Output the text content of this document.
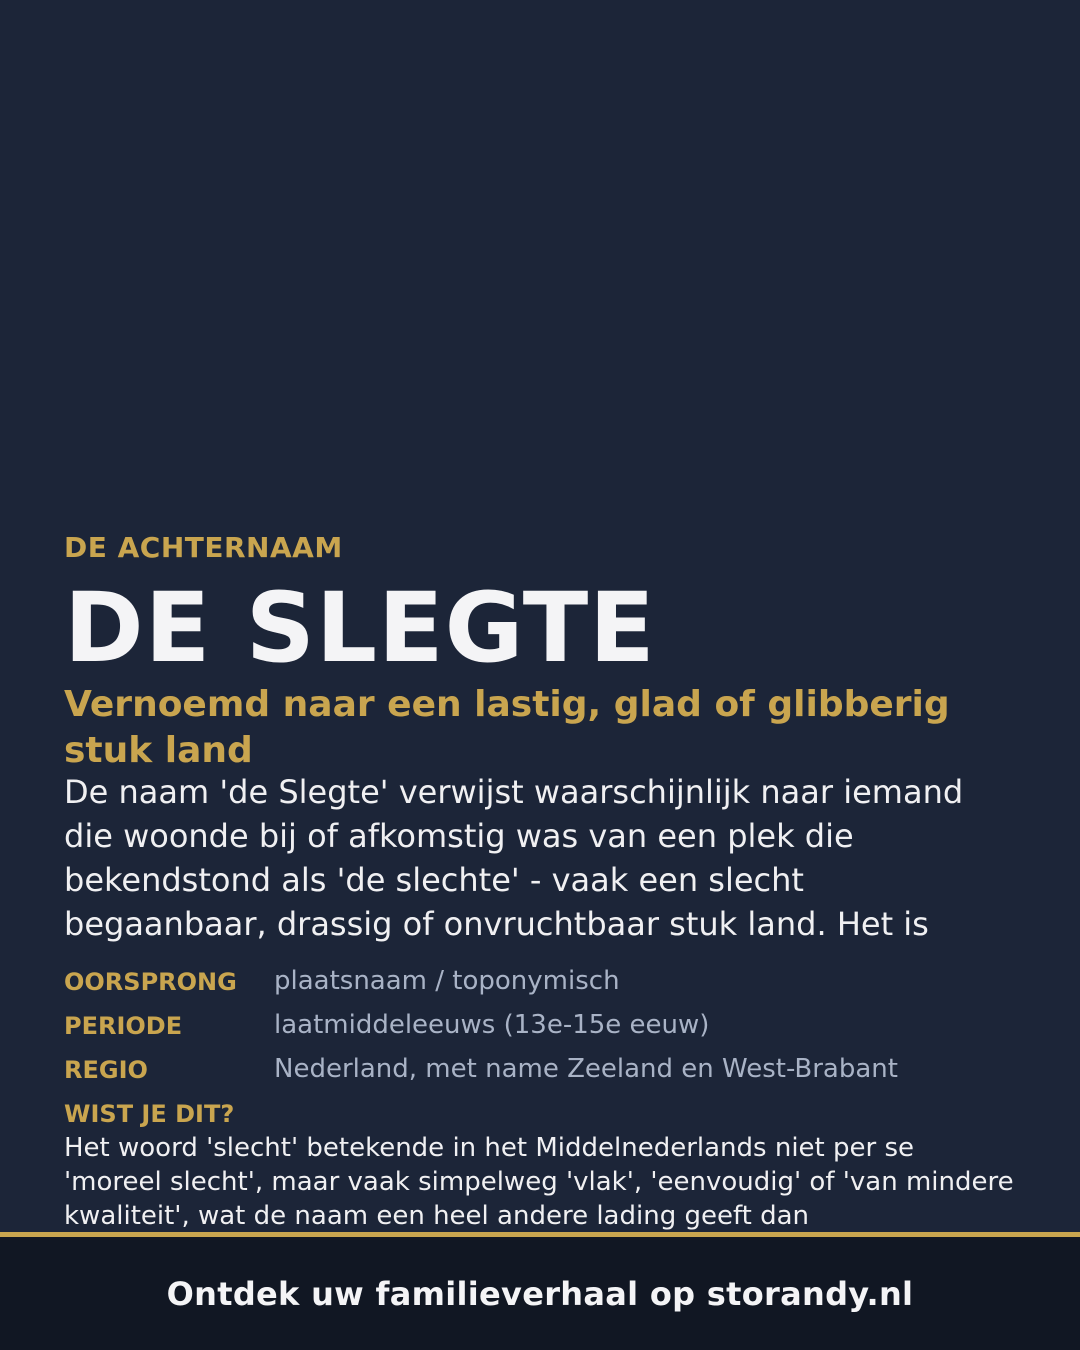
DE ACHTERNAAM
DE SLEGTE
Vernoemd naar een lastig, glad of glibberig stuk land

De naam 'de Slegte' verwijst waarschijnlijk naar iemand die woonde bij of afkomstig was van een plek die bekendstond als 'de slechte' - vaak een slecht begaanbaar, drassig of onvruchtbaar stuk land. Het is

OORSPRONG plaatsnaam / toponymisch
PERIODE	laatmiddeleeuws (13e-15e eeuw)
REGIO	Nederland, met name Zeeland en West-Brabant
WIST JE DIT?

Het woord 'slecht' betekende in het Middelnederlands niet per se 'moreel slecht', maar vaak simpelweg 'vlak', 'eenvoudig' of 'van mindere kwaliteit', wat de naam een heel andere lading geeft dan

Ontdek uw familieverhaal op storandy.nl
